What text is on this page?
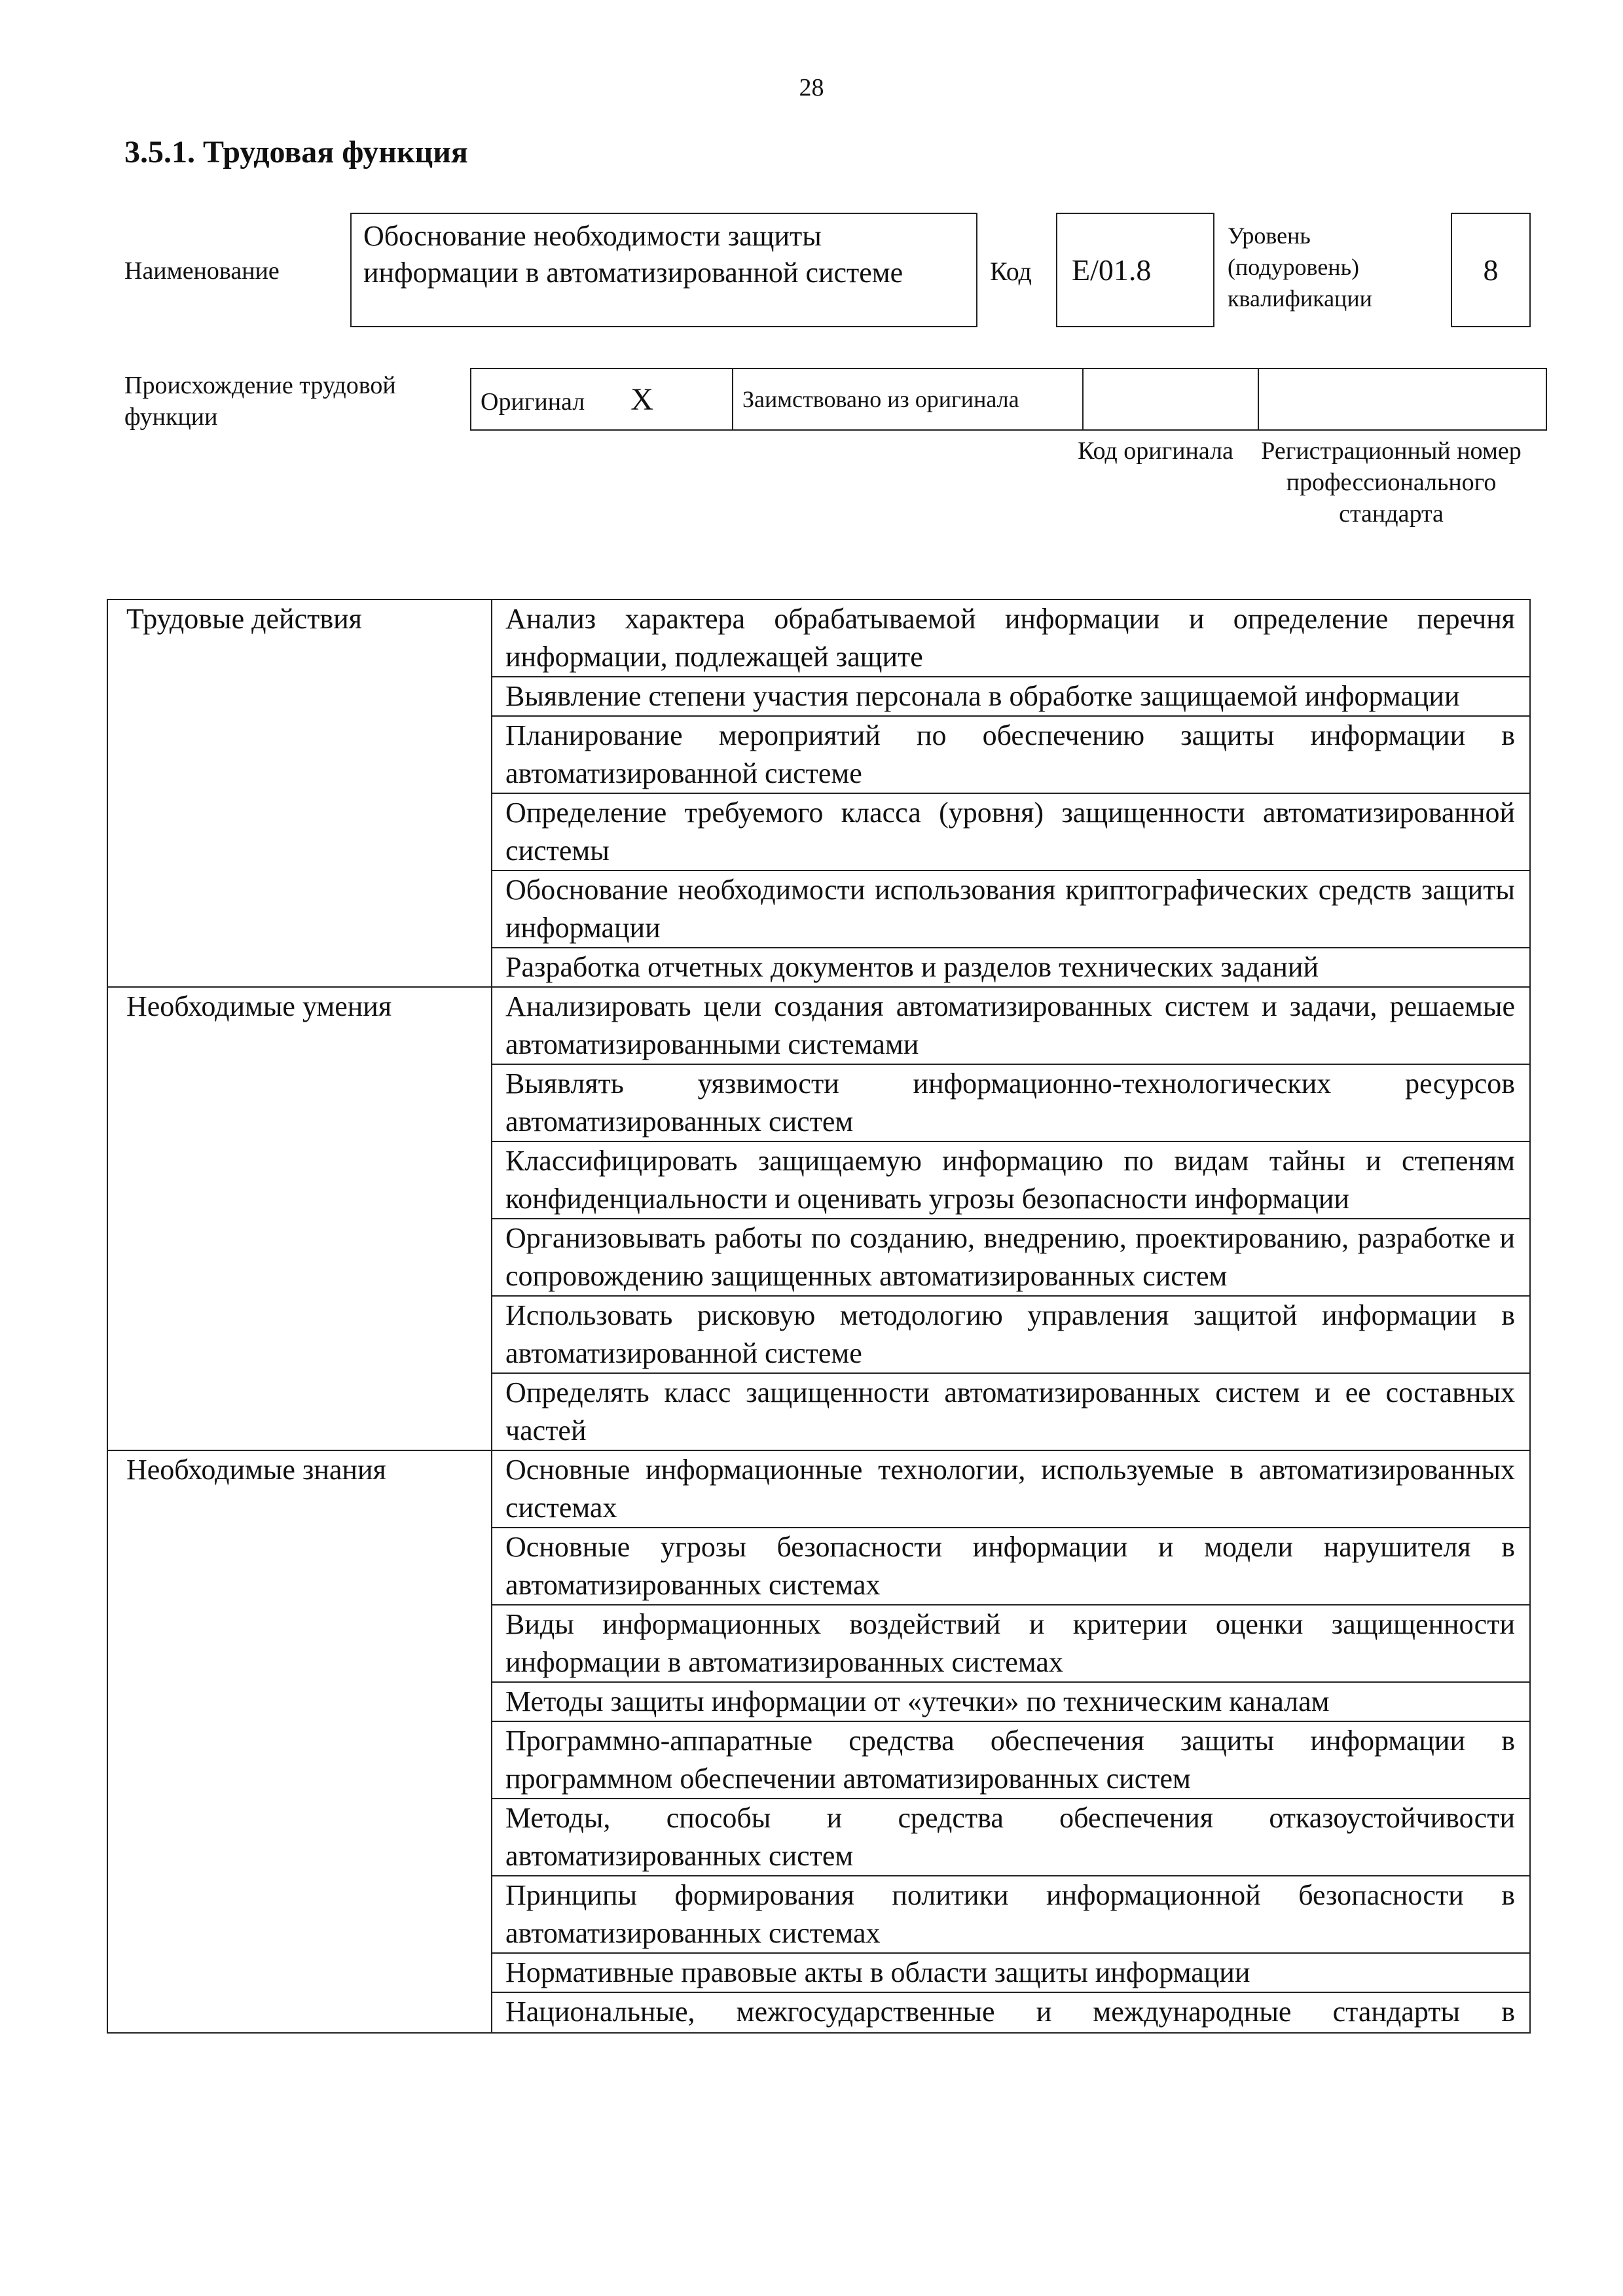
28
3.5.1. Трудовая функция
Наименование
Обоснование необходимости защиты информации в автоматизированной системе	Код	E/01.8
Уровень
(подуровень)
квалификации
8
Происхождение трудовой функции
Оригинал X	Заимствовано из оригинала		
Код оригинала	Регистрационный номер профессионального стандарта
Трудовые действия	Анализ характера обрабатываемой информации и определение перечня информации, подлежащей защите
	Выявление степени участия персонала в обработке защищаемой информации
	Планирование мероприятий по обеспечению защиты информации в автоматизированной системе
	Определение требуемого класса (уровня) защищенности автоматизированной системы
	Обоснование необходимости использования криптографических средств защиты информации
	Разработка отчетных документов и разделов технических заданий
Необходимые умения	Анализировать цели создания автоматизированных систем и задачи, решаемые автоматизированными системами
	Выявлять уязвимости информационно-технологических ресурсов автоматизированных систем
	Классифицировать защищаемую информацию по видам тайны и степеням конфиденциальности и оценивать угрозы безопасности информации
	Организовывать работы по созданию, внедрению, проектированию, разработке и сопровождению защищенных автоматизированных систем
	Использовать рисковую методологию управления защитой информации в автоматизированной системе
	Определять класс защищенности автоматизированных систем и ее составных частей
Необходимые знания	Основные информационные технологии, используемые в автоматизированных системах
	Основные угрозы безопасности информации и модели нарушителя в автоматизированных системах
	Виды информационных воздействий и критерии оценки защищенности информации в автоматизированных системах
	Методы защиты информации от «утечки» по техническим каналам
	Программно-аппаратные средства обеспечения защиты информации в программном обеспечении автоматизированных систем
	Методы, способы и средства обеспечения отказоустойчивости автоматизированных систем
	Принципы формирования политики информационной безопасности в автоматизированных системах
	Нормативные правовые акты в области защиты информации
	Национальные, межгосударственные и международные стандарты в
